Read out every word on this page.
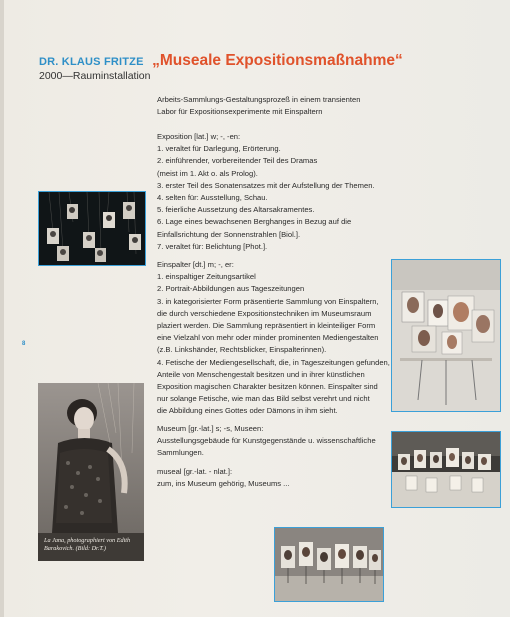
DR. KLAUS FRITZE „Museale Expositionsmaßnahme“
2000—Rauminstallation
Arbeits-Sammlungs-Gestaltungsprozeß in einem transienten
Labor für Expositionsexperimente mit Einspaltern
Exposition [lat.] w; -, -en:
1. veraltet für Darlegung, Erörterung.
2. einführender, vorbereitender Teil des Dramas
(meist im 1. Akt o. als Prolog).
3. erster Teil des Sonatensatzes mit der Aufstellung der Themen.
4. selten für: Ausstellung, Schau.
5. feierliche Aussetzung des Altarsakramentes.
6. Lage eines bewachsenen Berghanges in Bezug auf die
Einfallsrichtung der Sonnenstrahlen [Biol.].
7. veraltet für: Belichtung [Phot.].
Einspalter [dt.] m; -, er:
1. einspaltiger Zeitungsartikel
2. Portrait-Abbildungen aus Tageszeitungen
3. in kategorisierter Form präsentierte Sammlung von Einspaltern,
die durch verschiedene Expositionstechniken im Museumsraum
plaziert werden. Die Sammlung repräsentiert in kleinteiliger Form
eine Vielzahl von mehr oder minder prominenten Mediengestalten
(z.B. Linkshänder, Rechtsblicker, Einspalterinnen).
4. Fetische der Mediengesellschaft, die, in Tageszeitungen gefunden,
Anteile von Menschengestalt besitzen und in ihrer künstlichen
Exposition magischen Charakter besitzen können. Einspalter sind
nur solange Fetische, wie man das Bild selbst verehrt und nicht
die Abbildung eines Gottes oder Dämons in ihm sieht.
Museum [gr.-lat.] s; -s, Museen:
Ausstellungsgebäude für Kunstgegenstände u. wissenschaftliche
Sammlungen.
museal [gr.-lat. - nlat.]:
zum, ins Museum gehörig, Museums ...
8
La Jana, photographiert von Edith Barakovich. (Bild: Dr.T.)
